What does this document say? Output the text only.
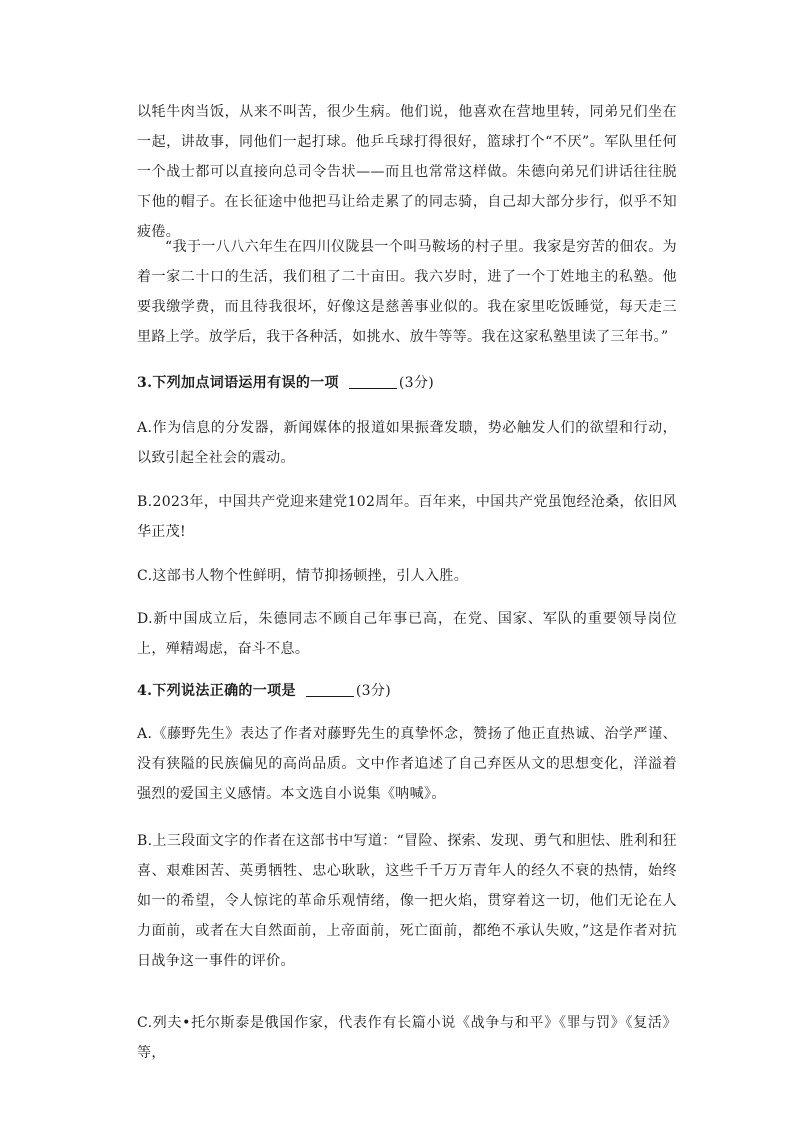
以牦牛肉当饭，从来不叫苦，很少生病。他们说，他喜欢在营地里转，同弟兄们坐在一起，讲故事，同他们一起打球。他乒乓球打得很好，篮球打个“不厌”。军队里任何一个战士都可以直接向总司令告状——而且也常常这样做。朱德向弟兄们讲话往往脱下他的帽子。在长征途中他把马让给走累了的同志骑，自己却大部分步行，似乎不知疲倦。

“我于一八八六年生在四川仪陇县一个叫马鞍场的村子里。我家是穷苦的佃农。为着一家二十口的生活，我们租了二十亩田。我六岁时，进了一个丁姓地主的私塾。他要我缴学费，而且待我很坏，好像这是慈善事业似的。我在家里吃饭睡觉，每天走三里路上学。放学后，我干各种活，如挑水、放牛等等。我在这家私塾里读了三年书。”

3.下列加点词语运用有误的一项	(3分)

A.作为信息的分发器，新闻媒体的报道如果振聋发聩，势必触发人们的欲望和行动，以致引起全社会的震动。

B.2023年，中国共产党迎来建党102周年。百年来，中国共产党虽饱经沧桑，依旧风华正茂!

C.这部书人物个性鲜明，情节抑扬顿挫，引人入胜。

D.新中国成立后，朱德同志不顾自己年事已高，在党、国家、军队的重要领导岗位上，殚精竭虑，奋斗不息。

4.下列说法正确的一项是	(3分)

A.《藤野先生》表达了作者对藤野先生的真挚怀念，赞扬了他正直热诚、治学严谨、没有狭隘的民族偏见的高尚品质。文中作者追述了自己弃医从文的思想变化，洋溢着强烈的爱国主义感情。本文选自小说集《呐喊》。

B.上三段面文字的作者在这部书中写道：“冒险、探索、发现、勇气和胆怯、胜利和狂喜、艰难困苦、英勇牺牲、忠心耿耿，这些千千万万青年人的经久不衰的热情，始终如一的希望，令人惊诧的革命乐观情绪，像一把火焰，贯穿着这一切，他们无论在人力面前，或者在大自然面前，上帝面前，死亡面前，都绝不承认失败，”这是作者对抗日战争这一事件的评价。

C.列夫•托尔斯泰是俄国作家，代表作有长篇小说《战争与和平》《罪与罚》《复活》等，
